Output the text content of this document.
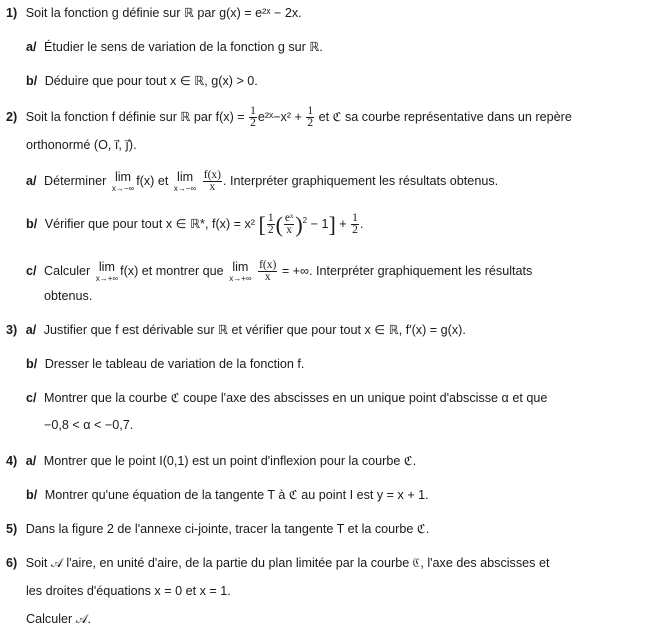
1) Soit la fonction g définie sur ℝ par g(x) = e²ˣ − 2x.
a/ Étudier le sens de variation de la fonction g sur ℝ.
b/ Déduire que pour tout x ∈ ℝ, g(x) > 0.
2) Soit la fonction f définie sur ℝ par $f(x) = \frac{1}{2}$ e²ˣ−x² + $\frac{1}{2}$ et ℭ sa courbe représentative dans un repère
orthonormé (O, i⃗, j⃗).
a/ Déterminer lim
x→−∞
f(x) et lim
x→−∞
$\frac{f(x)}{x}$ . Interpréter graphiquement les résultats obtenus.
b/ Vérifier que pour tout x ∈ ℝ*, f(x) = x² [ $\frac{1}{2}$ ( $\frac{\text{eˣ}}{x} )^2 - 1] + \frac{1}{2}$ .
c/ Calculer lim
x→+∞
f(x) et montrer que lim
x→+∞
$\frac{f(x)}{x}$ = +∞. Interpréter graphiquement les résultats
obtenus.
3) a/ Justifier que f est dérivable sur ℝ et vérifier que pour tout x ∈ ℝ, f′(x) = g(x).
b/ Dresser le tableau de variation de la fonction f.
c/ Montrer que la courbe ℭ coupe l'axe des abscisses en un unique point d'abscisse α et que
−0,8 < α < −0,7.
4) a/ Montrer que le point I(0,1) est un point d'inflexion pour la courbe ℭ.
b/ Montrer qu'une équation de la tangente T à ℭ au point I est y = x + 1.
5) Dans la figure 2 de l'annexe ci-jointe, tracer la tangente T et la courbe ℭ.
6) Soit 𝒜 l'aire, en unité d'aire, de la partie du plan limitée par la courbe ℭ, l'axe des abscisses et
les droites d'équations x = 0 et x = 1.
Calculer 𝒜.
